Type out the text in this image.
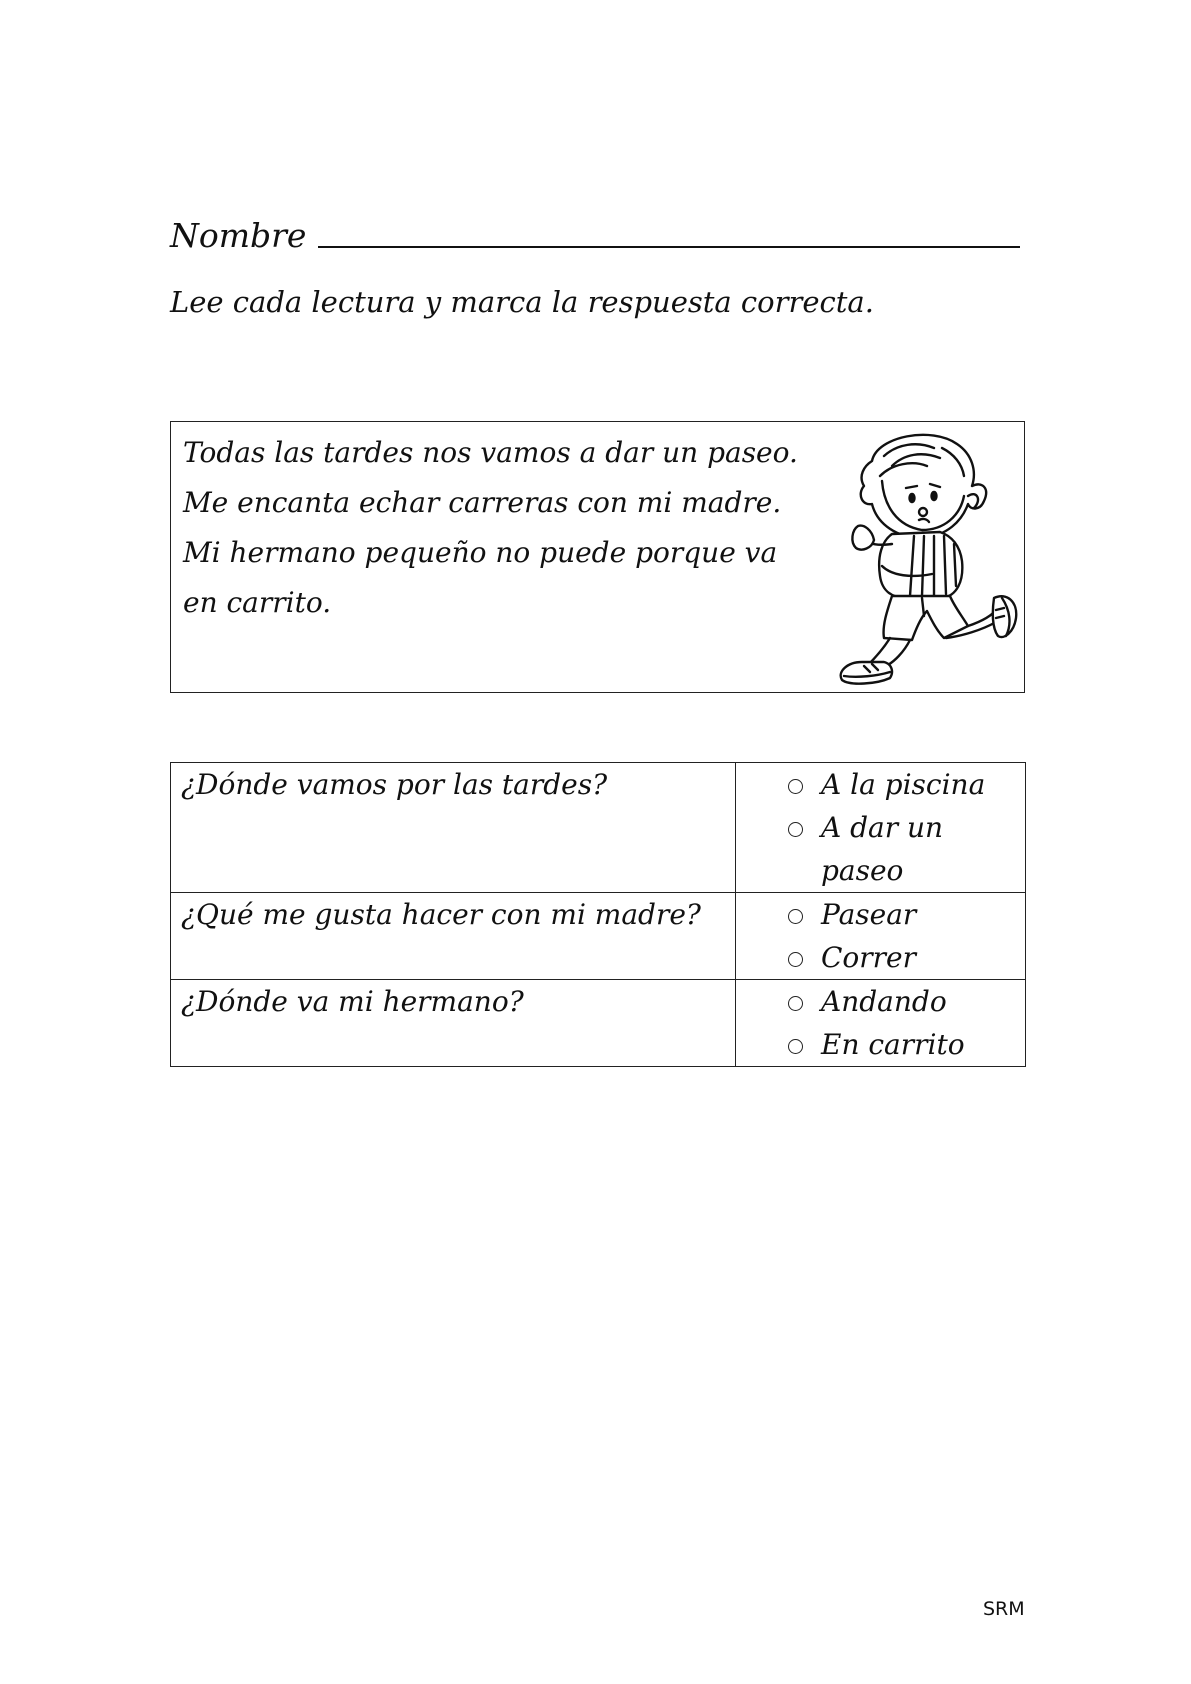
Nombre
Lee cada lectura y marca la respuesta correcta.
Todas las tardes nos vamos a dar un paseo.
Me encanta echar carreras con mi madre.
Mi hermano pequeño no puede porque va
en carrito.
¿Dónde vamos por las tardes?	A la piscina
A dar un paseo

¿Qué me gusta hacer con mi madre?	Pasear
Correr

¿Dónde va mi hermano?	Andando
En carrito
SRM
